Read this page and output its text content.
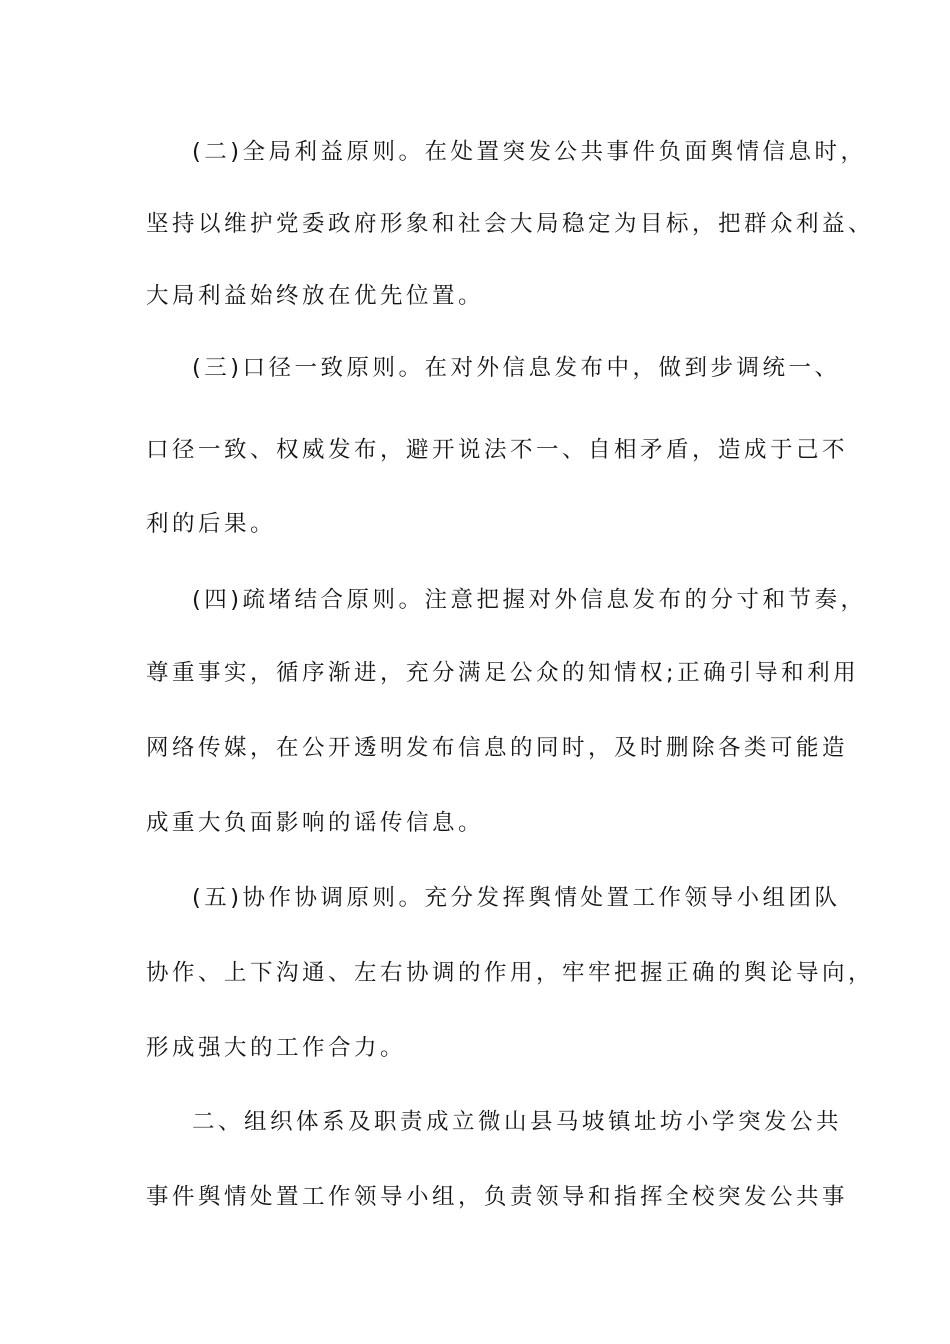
(二)全局利益原则。在处置突发公共事件负面舆情信息时，
坚持以维护党委政府形象和社会大局稳定为目标，把群众利益、
大局利益始终放在优先位置。
(三)口径一致原则。在对外信息发布中，做到步调统一、
口径一致、权威发布，避开说法不一、自相矛盾，造成于己不
利的后果。
(四)疏堵结合原则。注意把握对外信息发布的分寸和节奏，
尊重事实，循序渐进，充分满足公众的知情权;正确引导和利用
网络传媒，在公开透明发布信息的同时，及时删除各类可能造
成重大负面影响的谣传信息。
(五)协作协调原则。充分发挥舆情处置工作领导小组团队
协作、上下沟通、左右协调的作用，牢牢把握正确的舆论导向，
形成强大的工作合力。
二、组织体系及职责成立微山县马坡镇址坊小学突发公共
事件舆情处置工作领导小组，负责领导和指挥全校突发公共事
